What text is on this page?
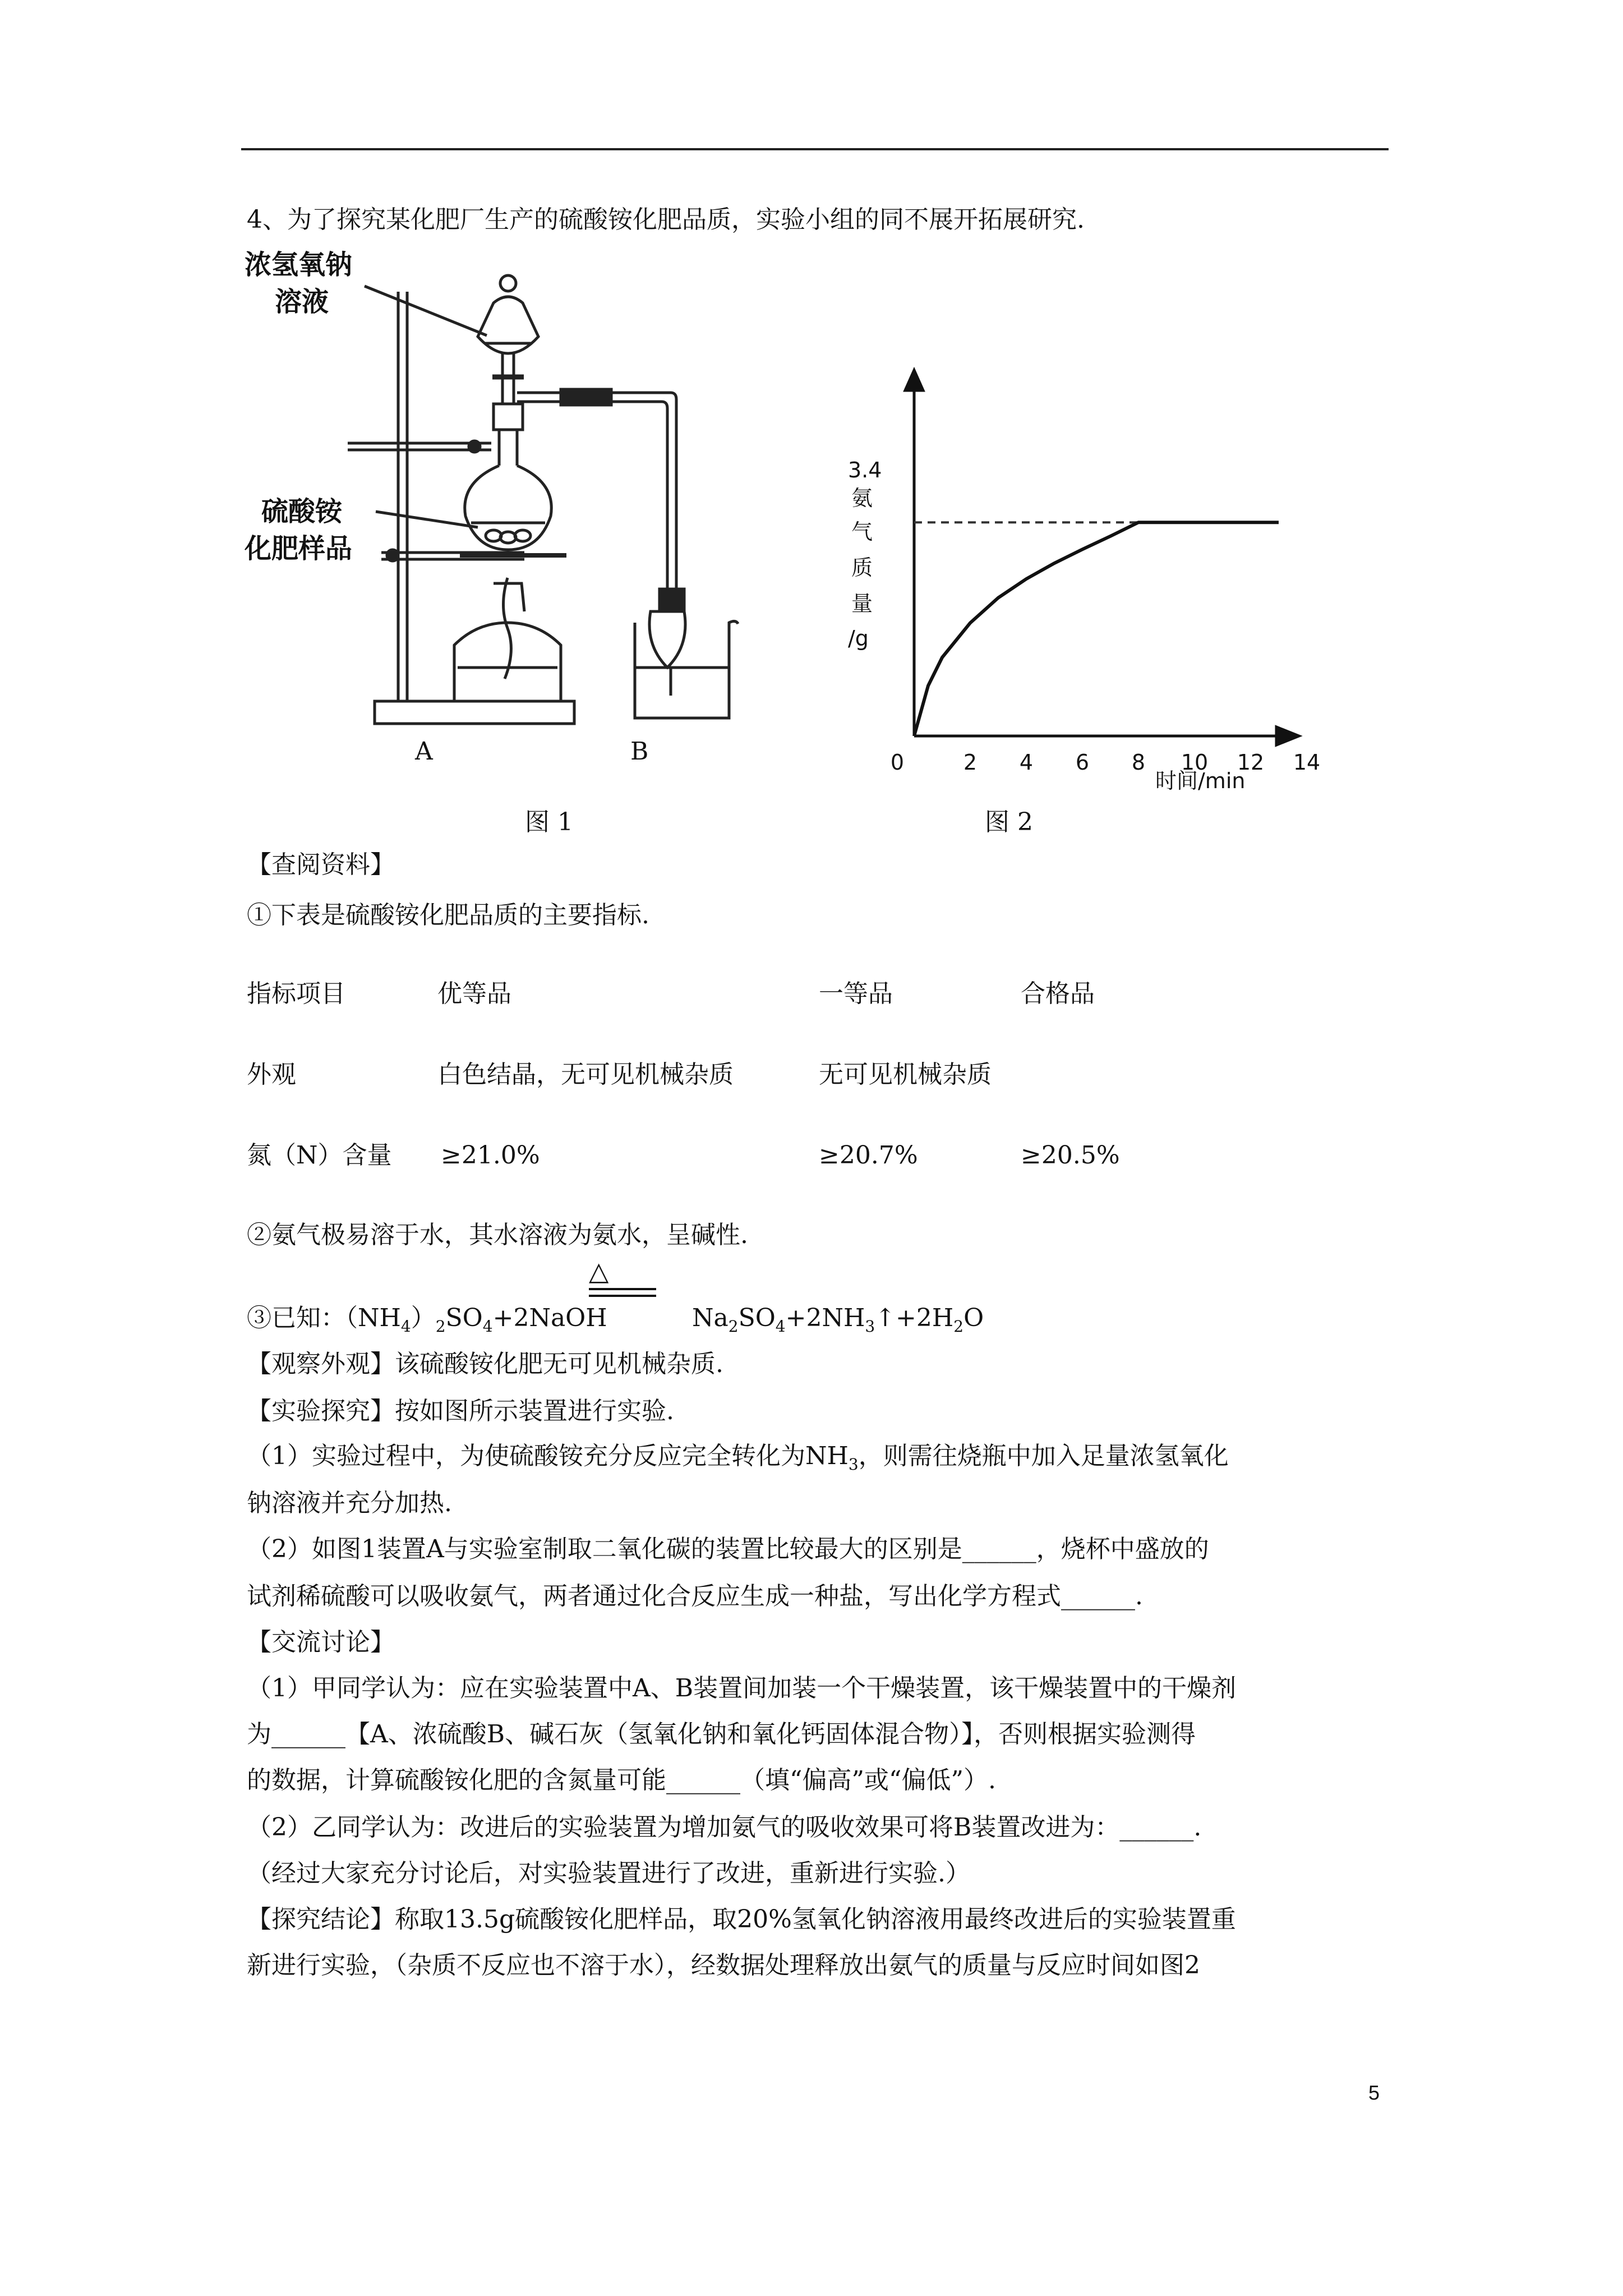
4、为了探究某化肥厂生产的硫酸铵化肥品质，实验小组的同不展开拓展研究.
浓氢氧钠
溶液
硫酸铵
化肥样品
A	B
图 1
0	2 4 6 8 10 12 14
3.4
氨
气
质
量
/g
时间/min
图 2
【查阅资料】
①下表是硫酸铵化肥品质的主要指标.
指标项目	优等品	一等品	合格品
外观	白色结晶，无可见机械杂质	无可见机械杂质
氮（N）含量 ≥21.0%	≥20.7%	≥20.5%
②氨气极易溶于水，其水溶液为氨水，呈碱性.
△
③已知：$(NH_4)_2SO_4+2NaOH$	$Na_2SO_4+2NH_3↑+2H_2O$
【观察外观】该硫酸铵化肥无可见机械杂质.
【实验探究】按如图所示装置进行实验.
（1）实验过程中，为使硫酸铵充分反应完全转化为$NH_3$，则需往烧瓶中加入足量浓氢氧化
钠溶液并充分加热.
（2）如图1装置A与实验室制取二氧化碳的装置比较最大的区别是______，烧杯中盛放的
试剂稀硫酸可以吸收氨气，两者通过化合反应生成一种盐，写出化学方程式______.
【交流讨论】
（1）甲同学认为：应在实验装置中A、B装置间加装一个干燥装置，该干燥装置中的干燥剂
为______【A、浓硫酸B、碱石灰（氢氧化钠和氧化钙固体混合物）】，否则根据实验测得
的数据，计算硫酸铵化肥的含氮量可能______（填“偏高”或“偏低”）.
（2）乙同学认为：改进后的实验装置为增加氨气的吸收效果可将B装置改进为：______.
（经过大家充分讨论后，对实验装置进行了改进，重新进行实验.）
【探究结论】称取13.5g硫酸铵化肥样品，取20%氢氧化钠溶液用最终改进后的实验装置重
新进行实验，（杂质不反应也不溶于水），经数据处理释放出氨气的质量与反应时间如图2
5
